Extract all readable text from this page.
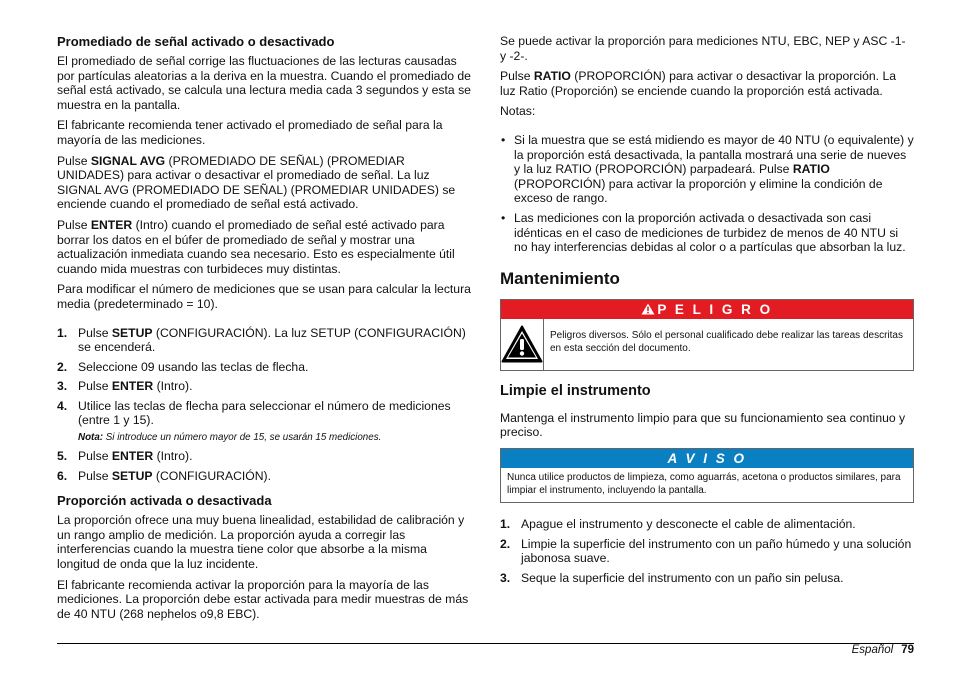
Promediado de señal activado o desactivado

El promediado de señal corrige las fluctuaciones de las lecturas causadas por partículas aleatorias a la deriva en la muestra. Cuando el promediado de señal está activado, se calcula una lectura media cada 3 segundos y esta se muestra en la pantalla.

El fabricante recomienda tener activado el promediado de señal para la mayoría de las mediciones.

Pulse SIGNAL AVG (PROMEDIADO DE SEÑAL) (PROMEDIAR UNIDADES) para activar o desactivar el promediado de señal. La luz SIGNAL AVG (PROMEDIADO DE SEÑAL) (PROMEDIAR UNIDADES) se enciende cuando el promediado de señal está activado.

Pulse ENTER (Intro) cuando el promediado de señal esté activado para borrar los datos en el búfer de promediado de señal y mostrar una actualización inmediata cuando sea necesario. Esto es especialmente útil cuando mida muestras con turbideces muy distintas.

Para modificar el número de mediciones que se usan para calcular la lectura media (predeterminado = 10).

1. Pulse SETUP (CONFIGURACIÓN). La luz SETUP (CONFIGURACIÓN) se encenderá.
2. Seleccione 09 usando las teclas de flecha.
3. Pulse ENTER (Intro).
4. Utilice las teclas de flecha para seleccionar el número de mediciones (entre 1 y 15).
Nota: Si introduce un número mayor de 15, se usarán 15 mediciones.
5. Pulse ENTER (Intro).
6. Pulse SETUP (CONFIGURACIÓN).
Proporción activada o desactivada

La proporción ofrece una muy buena linealidad, estabilidad de calibración y un rango amplio de medición. La proporción ayuda a corregir las interferencias cuando la muestra tiene color que absorbe a la misma longitud de onda que la luz incidente.

El fabricante recomienda activar la proporción para la mayoría de las mediciones. La proporción debe estar activada para medir muestras de más de 40 NTU (268 nephelos o9,8 EBC).

Se puede activar la proporción para mediciones NTU, EBC, NEP y ASC -1- y -2-.

Pulse RATIO (PROPORCIÓN) para activar o desactivar la proporción. La luz Ratio (Proporción) se enciende cuando la proporción está activada.

Notas:

• Si la muestra que se está midiendo es mayor de 40 NTU (o equivalente) y la proporción está desactivada, la pantalla mostrará una serie de nueves y la luz RATIO (PROPORCIÓN) parpadeará. Pulse RATIO (PROPORCIÓN) para activar la proporción y elimine la condición de exceso de rango.
• Las mediciones con la proporción activada o desactivada son casi idénticas en el caso de mediciones de turbidez de menos de 40 NTU si no hay interferencias debidas al color o a partículas que absorban la luz.
Mantenimiento
P E L I G R O
Peligros diversos. Sólo el personal cualificado debe realizar las tareas descritas en esta sección del documento.
Limpie el instrumento

Mantenga el instrumento limpio para que su funcionamiento sea continuo y preciso.

A V I S O
Nunca utilice productos de limpieza, como aguarrás, acetona o productos similares, para limpiar el instrumento, incluyendo la pantalla.
1. Apague el instrumento y desconecte el cable de alimentación.
2. Limpie la superficie del instrumento con un paño húmedo y una solución jabonosa suave.
3. Seque la superficie del instrumento con un paño sin pelusa.
Español 79
